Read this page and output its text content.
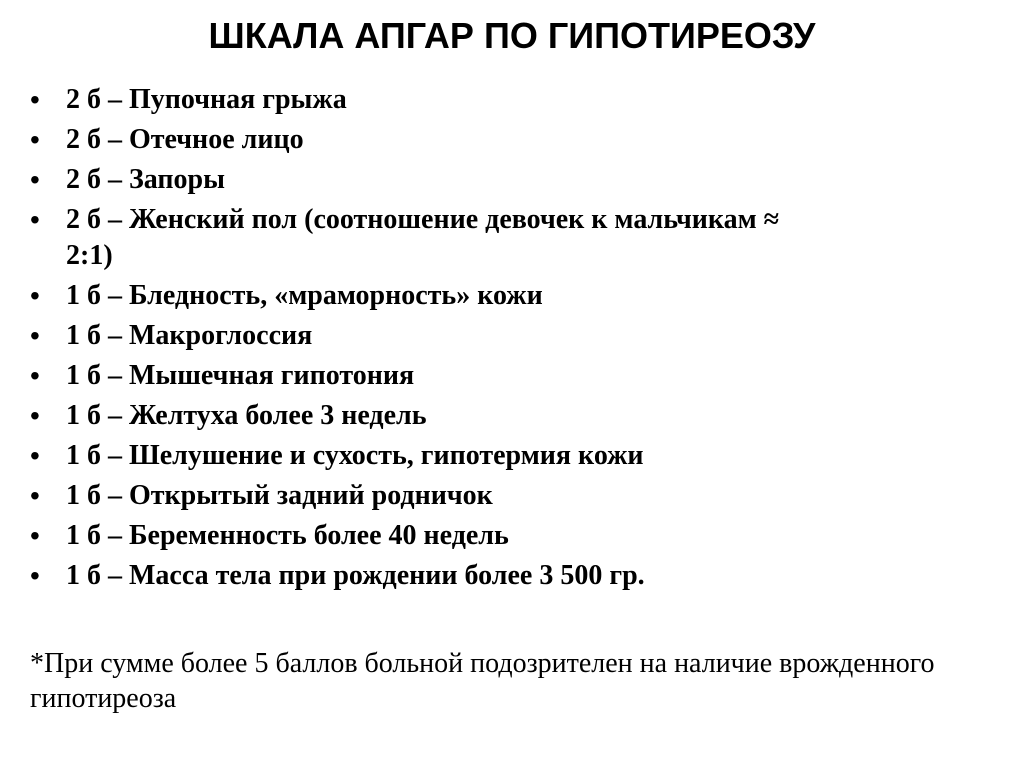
ШКАЛА АПГАР ПО ГИПОТИРЕОЗУ
• 2 б – Пупочная грыжа
• 2 б – Отечное лицо
• 2 б – Запоры
• 2 б – Женский пол (соотношение девочек к мальчикам ≈ 2:1)
• 1 б – Бледность, «мраморность» кожи
• 1 б – Макроглоссия
• 1 б – Мышечная гипотония
• 1 б – Желтуха более 3 недель
• 1 б – Шелушение и сухость, гипотермия кожи
• 1 б – Открытый задний родничок
• 1 б – Беременность более 40 недель
• 1 б – Масса тела при рождении более 3 500 гр.

*При сумме более 5 баллов больной подозрителен на наличие врожденного гипотиреоза
